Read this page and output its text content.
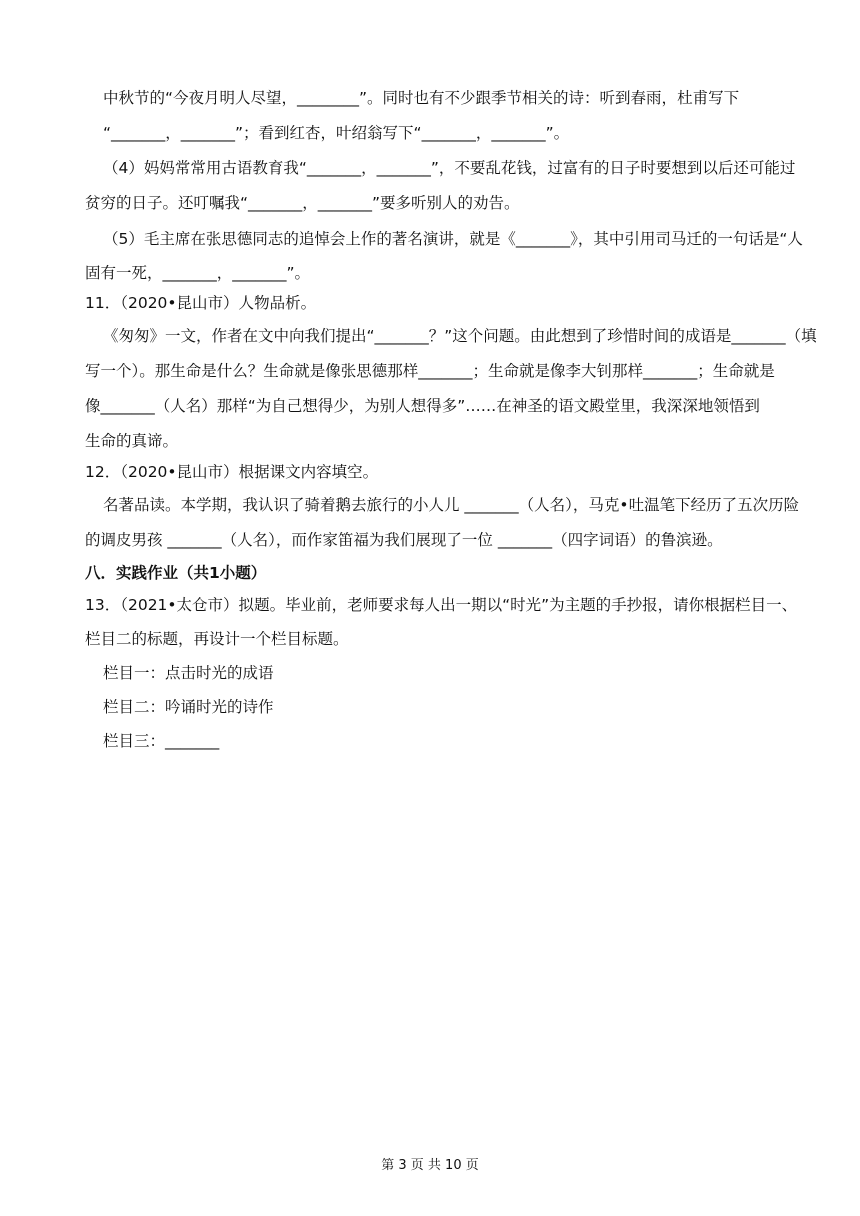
中秋节的“今夜月明人尽望，________”。同时也有不少跟季节相关的诗：听到春雨，杜甫写下
“_______，_______”；看到红杏，叶绍翁写下“_______，_______”。
（4）妈妈常常用古语教育我“_______，_______”，不要乱花钱，过富有的日子时要想到以后还可能过
贫穷的日子。还叮嘱我“_______，_______”要多听别人的劝告。
（5）毛主席在张思德同志的追悼会上作的著名演讲，就是《_______》，其中引用司马迁的一句话是“人
固有一死，_______，_______”。
11．（2020•昆山市）人物品析。
《匆匆》一文，作者在文中向我们提出“_______？”这个问题。由此想到了珍惜时间的成语是_______（填
写一个）。那生命是什么？生命就是像张思德那样_______；生命就是像李大钊那样_______；生命就是
像_______（人名）那样“为自己想得少，为别人想得多”……在神圣的语文殿堂里，我深深地领悟到
生命的真谛。
12．（2020•昆山市）根据课文内容填空。
名著品读。本学期，我认识了骑着鹅去旅行的小人儿 _______（人名），马克•吐温笔下经历了五次历险
的调皮男孩 _______（人名），而作家笛福为我们展现了一位 _______（四字词语）的鲁滨逊。
八．实践作业（共1小题）
13．（2021•太仓市）拟题。毕业前，老师要求每人出一期以“时光”为主题的手抄报，请你根据栏目一、
栏目二的标题，再设计一个栏目标题。
栏目一：点击时光的成语
栏目二：吟诵时光的诗作
栏目三：_______
第 3 页 共 10 页
